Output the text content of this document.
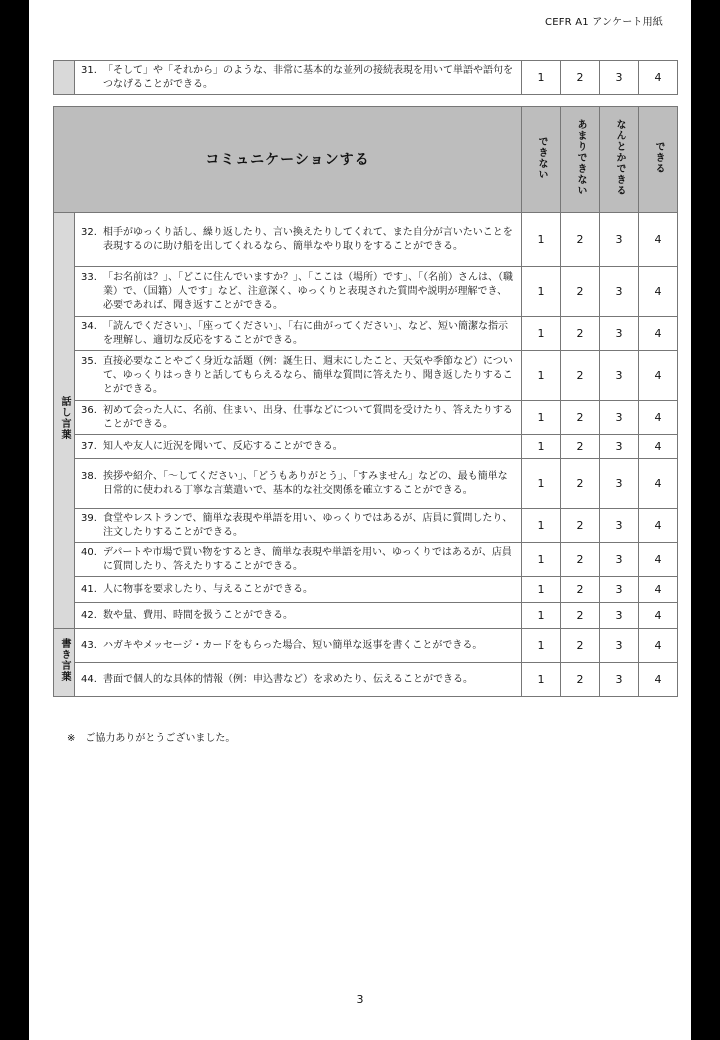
CEFR A1 アンケート用紙
	31. 「そして」や「それから」のような、非常に基本的な並列の接続表現を用いて単語や語句をつなげることができる。	1	2	3	4
コミュニケーションする		できない	あまりできない	なんとかできる	できる
話し言葉	32. 相手がゆっくり話し、繰り返したり、言い換えたりしてくれて、また自分が言いたいことを表現するのに助け船を出してくれるなら、簡単なやり取りをすることができる。	1	2	3	4
	33. 「お名前は？」、「どこに住んでいますか？」、「ここは（場所）です」、「（名前）さんは、（職業）で、（国籍）人です」など、注意深く、ゆっくりと表現された質問や説明が理解でき、必要であれば、聞き返すことができる。	1	2	3	4
	34. 「読んでください」、「座ってください」、「右に曲がってください」、など、短い簡潔な指示を理解し、適切な反応をすることができる。	1	2	3	4
	35. 直接必要なことやごく身近な話題（例：誕生日、週末にしたこと、天気や季節など）について、ゆっくりはっきりと話してもらえるなら、簡単な質問に答えたり、聞き返したりすることができる。	1	2	3	4
	36. 初めて会った人に、名前、住まい、出身、仕事などについて質問を受けたり、答えたりすることができる。	1	2	3	4
	37. 知人や友人に近況を聞いて、反応することができる。	1	2	3	4
	38. 挨拶や紹介、「～してください」、「どうもありがとう」、「すみません」などの、最も簡単な日常的に使われる丁寧な言葉遣いで、基本的な社交関係を確立することができる。	1	2	3	4
	39. 食堂やレストランで、簡単な表現や単語を用い、ゆっくりではあるが、店員に質問したり、注文したりすることができる。	1	2	3	4
	40. デパートや市場で買い物をするとき、簡単な表現や単語を用い、ゆっくりではあるが、店員に質問したり、答えたりすることができる。	1	2	3	4
	41. 人に物事を要求したり、与えることができる。	1	2	3	4
	42. 数や量、費用、時間を扱うことができる。	1	2	3	4
書き言葉	43. ハガキやメッセージ・カードをもらった場合、短い簡単な返事を書くことができる。	1	2	3	4
	44. 書面で個人的な具体的情報（例：申込書など）を求めたり、伝えることができる。	1	2	3	4
※　ご協力ありがとうございました。
3
